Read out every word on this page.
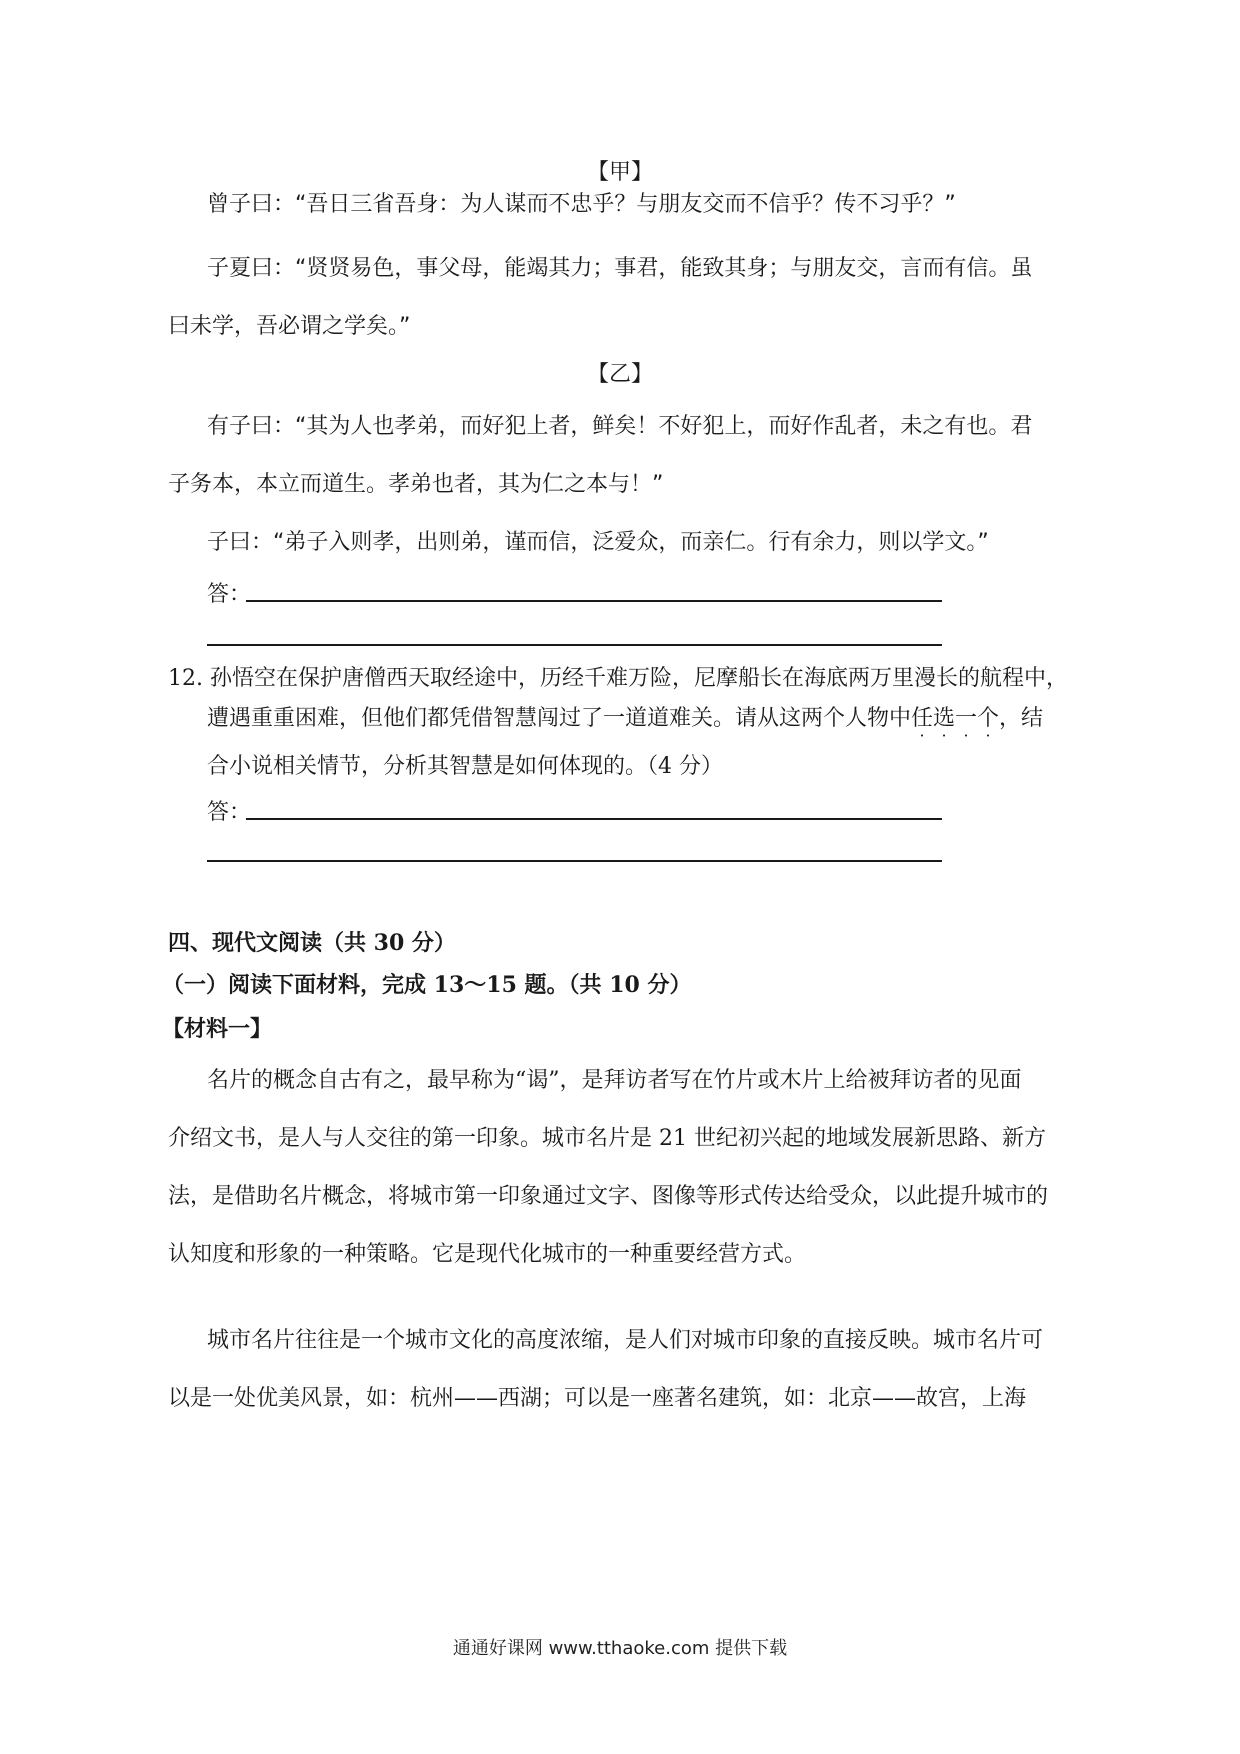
【甲】
曾子曰：“吾日三省吾身：为人谋而不忠乎？与朋友交而不信乎？传不习乎？”
子夏曰：“贤贤易色，事父母，能竭其力；事君，能致其身；与朋友交，言而有信。虽
曰未学，吾必谓之学矣。”
【乙】
有子曰：“其为人也孝弟，而好犯上者，鲜矣！不好犯上，而好作乱者，未之有也。君
子务本，本立而道生。孝弟也者，其为仁之本与！”
子曰：“弟子入则孝，出则弟，谨而信，泛爱众，而亲仁。行有余力，则以学文。”
答：
12. 孙悟空在保护唐僧西天取经途中，历经千难万险，尼摩船长在海底两万里漫长的航程中，
遭遇重重困难，但他们都凭借智慧闯过了一道道难关。请从这两个人物中任选一个
· · · ·
，结
合小说相关情节，分析其智慧是如何体现的。（4 分）
答：
四、现代文阅读（共 30 分）
（一）阅读下面材料，完成 13～15 题。（共 10 分）
【材料一】
名片的概念自古有之，最早称为“谒”，是拜访者写在竹片或木片上给被拜访者的见面
介绍文书，是人与人交往的第一印象。城市名片是 21 世纪初兴起的地域发展新思路、新方
法，是借助名片概念，将城市第一印象通过文字、图像等形式传达给受众，以此提升城市的
认知度和形象的一种策略。它是现代化城市的一种重要经营方式。
城市名片往往是一个城市文化的高度浓缩，是人们对城市印象的直接反映。城市名片可
以是一处优美风景，如：杭州——西湖；可以是一座著名建筑，如：北京——故宫，上海
通通好课网 www.tthaoke.com 提供下载
